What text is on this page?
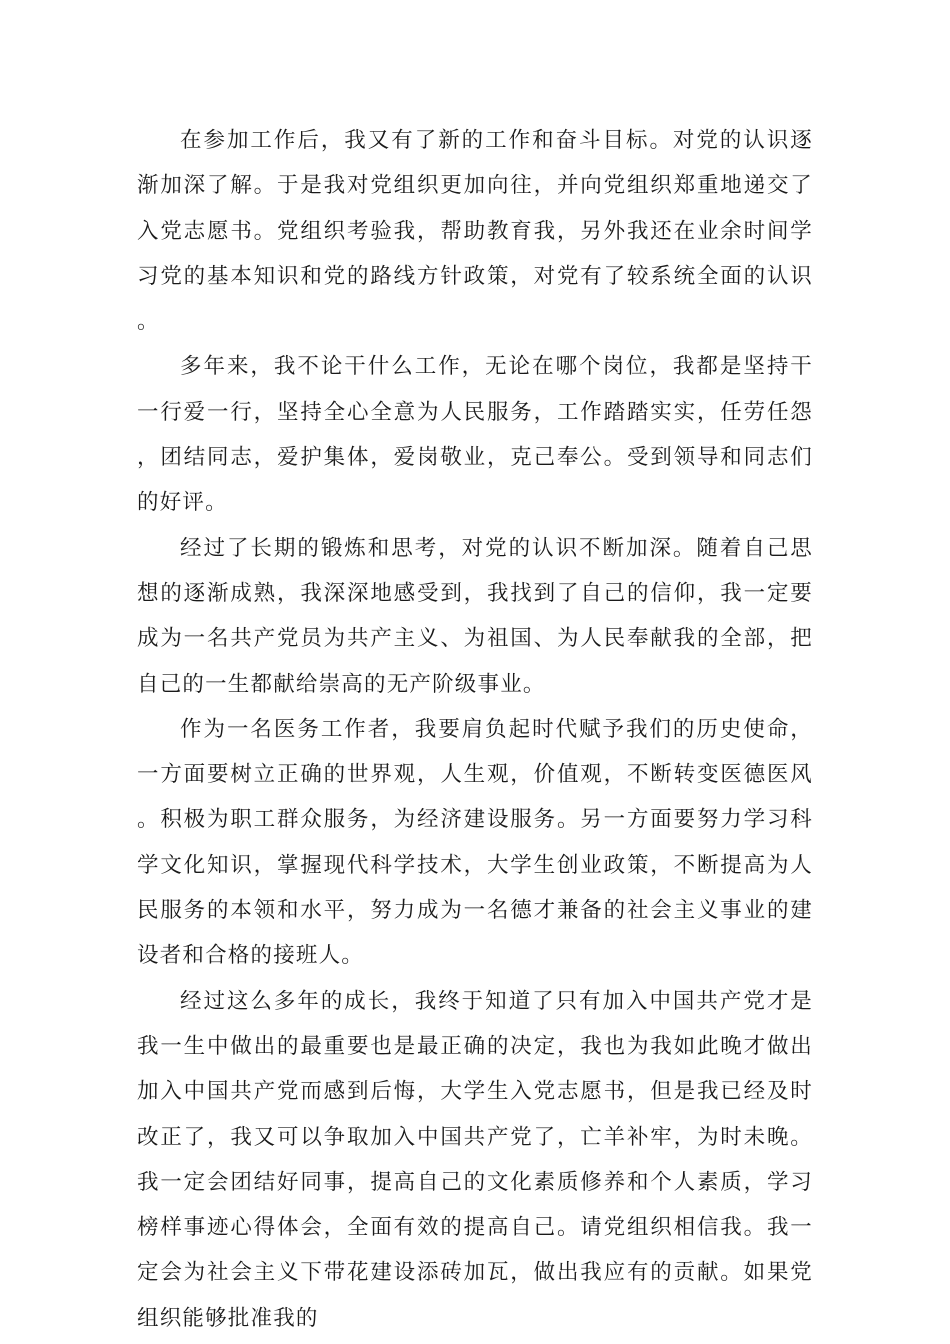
在参加工作后，我又有了新的工作和奋斗目标。对党的认识逐渐加深了解。于是我对党组织更加向往，并向党组织郑重地递交了入党志愿书。党组织考验我，帮助教育我，另外我还在业余时间学习党的基本知识和党的路线方针政策，对党有了较系统全面的认识。

多年来，我不论干什么工作，无论在哪个岗位，我都是坚持干一行爱一行，坚持全心全意为人民服务，工作踏踏实实，任劳任怨，团结同志，爱护集体，爱岗敬业，克己奉公。受到领导和同志们的好评。

经过了长期的锻炼和思考，对党的认识不断加深。随着自己思想的逐渐成熟，我深深地感受到，我找到了自己的信仰，我一定要成为一名共产党员为共产主义、为祖国、为人民奉献我的全部，把自己的一生都献给崇高的无产阶级事业。

作为一名医务工作者，我要肩负起时代赋予我们的历史使命，一方面要树立正确的世界观，人生观，价值观，不断转变医德医风。积极为职工群众服务，为经济建设服务。另一方面要努力学习科学文化知识，掌握现代科学技术，大学生创业政策，不断提高为人民服务的本领和水平，努力成为一名德才兼备的社会主义事业的建设者和合格的接班人。

经过这么多年的成长，我终于知道了只有加入中国共产党才是我一生中做出的最重要也是最正确的决定，我也为我如此晚才做出加入中国共产党而感到后悔，大学生入党志愿书，但是我已经及时改正了，我又可以争取加入中国共产党了，亡羊补牢，为时未晚。我一定会团结好同事，提高自己的文化素质修养和个人素质，学习榜样事迹心得体会，全面有效的提高自己。请党组织相信我。我一定会为社会主义下带花建设添砖加瓦，做出我应有的贡献。如果党组织能够批准我的
